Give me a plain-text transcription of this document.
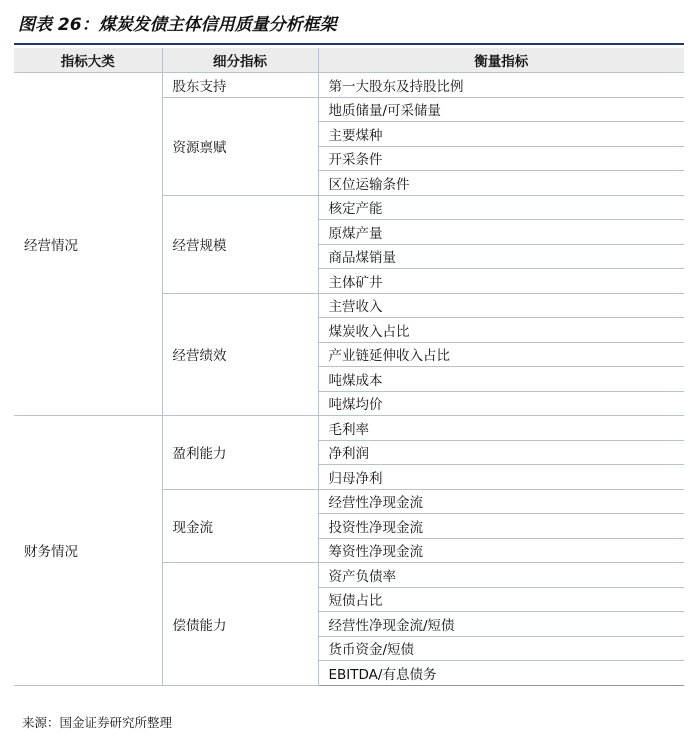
图表 26：煤炭发债主体信用质量分析框架
指标大类	细分指标	衡量指标
经营情况	股东支持	第一大股东及持股比例
	资源禀赋	地质储量/可采储量
		主要煤种
		开采条件
		区位运输条件
	经营规模	核定产能
		原煤产量
		商品煤销量
		主体矿井
	经营绩效	主营收入
		煤炭收入占比
		产业链延伸收入占比
		吨煤成本
		吨煤均价
财务情况	盈利能力	毛利率
		净利润
		归母净利
	现金流	经营性净现金流
		投资性净现金流
		筹资性净现金流
	偿债能力	资产负债率
		短债占比
		经营性净现金流/短债
		货币资金/短债
		EBITDA/有息债务
来源：国金证券研究所整理
